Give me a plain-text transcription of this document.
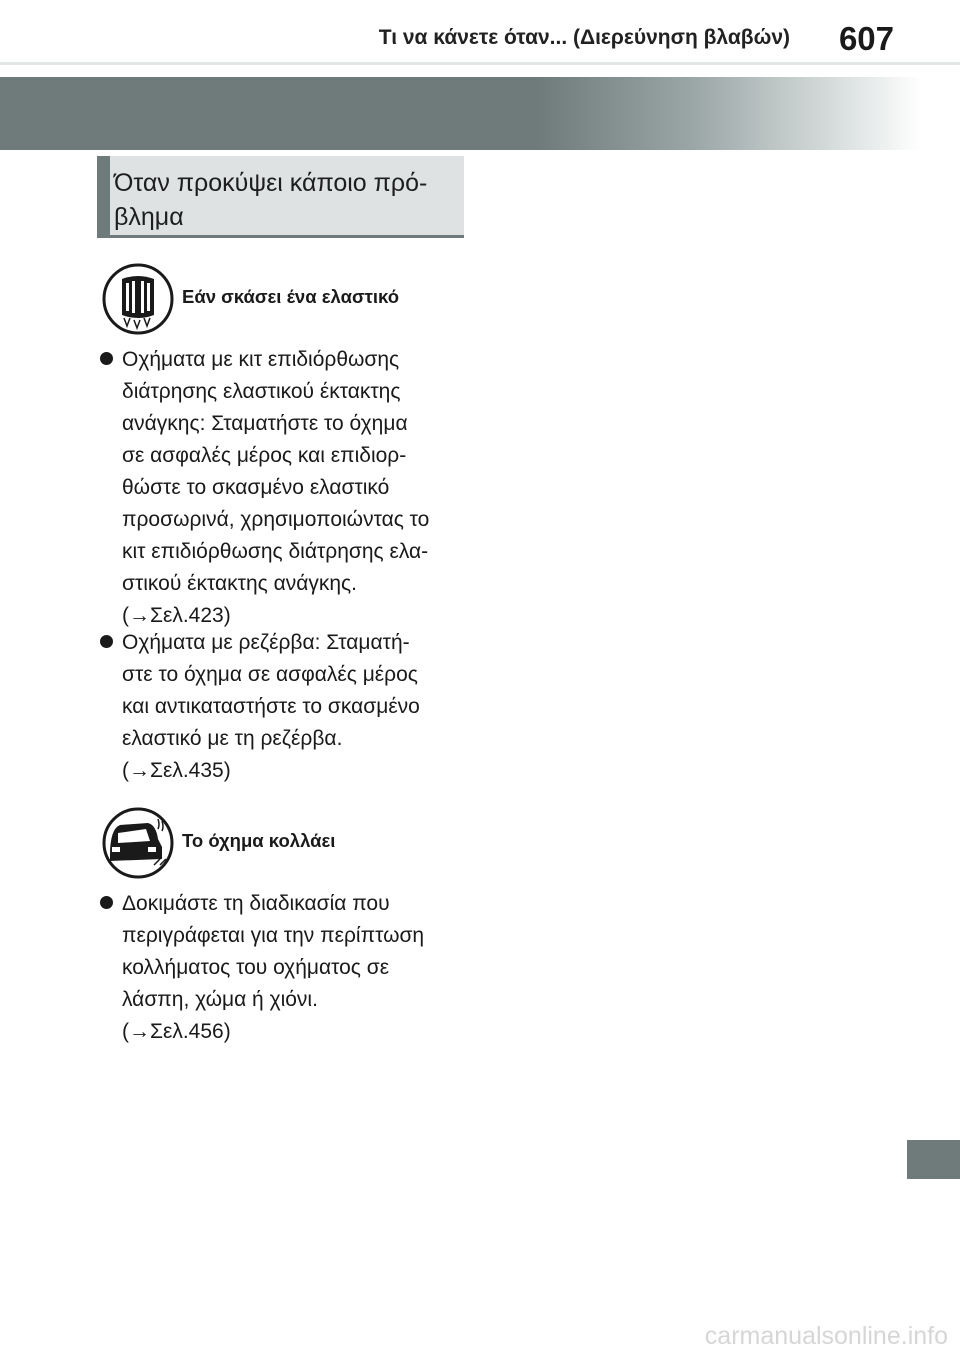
Τι να κάνετε όταν... (Διερεύνηση βλαβών) 607
Όταν προκύψει κάποιο πρό-
βλημα
Εάν σκάσει ένα ελαστικό
Οχήματα με κιτ επιδιόρθωσης
διάτρησης ελαστικού έκτακτης
ανάγκης: Σταματήστε το όχημα
σε ασφαλές μέρος και επιδιορ-
θώστε το σκασμένο ελαστικό
προσωρινά, χρησιμοποιώντας το
κιτ επιδιόρθωσης διάτρησης ελα-
στικού έκτακτης ανάγκης.
(→Σελ.423)
Οχήματα με ρεζέρβα: Σταματή-
στε το όχημα σε ασφαλές μέρος
και αντικαταστήστε το σκασμένο
ελαστικό με τη ρεζέρβα.
(→Σελ.435)
Το όχημα κολλάει
Δοκιμάστε τη διαδικασία που
περιγράφεται για την περίπτωση
κολλήματος του οχήματος σε
λάσπη, χώμα ή χιόνι.
(→Σελ.456)
carmanualsonline.info
